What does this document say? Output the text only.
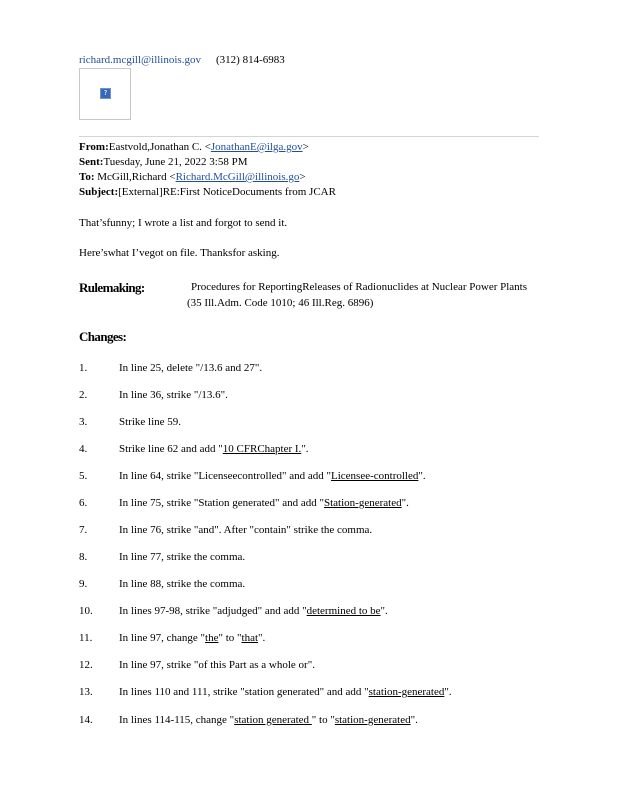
richard.mcgill@illinois.gov (312) 814-6983
?
From:Eastvold,Jonathan C. <JonathanE@ilga.gov>
Sent:Tuesday, June 21, 2022 3:58 PM
To: McGill,Richard <Richard.McGill@illinois.go>
Subject:[External]RE:First NoticeDocuments from JCAR
That’sfunny; I wrote a list and forgot to send it.
Here’swhat I’vegot on file. Thanksfor asking.
Rulemaking:	Procedures for ReportingReleases of Radionuclides at Nuclear Power Plants
(35 Ill.Adm. Code 1010; 46 Ill.Reg. 6896)
Changes:
1.	In line 25, delete "/13.6 and 27".
2.	In line 36, strike "/13.6".
3.	Strike line 59.
4.	Strike line 62 and add "10 CFRChapter I.".
5.	In line 64, strike "Licenseecontrolled" and add "Licensee-controlled".
6.	In line 75, strike "Station generated" and add "Station-generated".
7.	In line 76, strike "and". After "contain" strike the comma.
8.	In line 77, strike the comma.
9.	In line 88, strike the comma.
10. In lines 97-98, strike "adjudged" and add "determined to be".
11. In line 97, change "the" to "that".
12. In line 97, strike "of this Part as a whole or".
13. In lines 110 and 111, strike "station generated" and add "station-generated".
14. In lines 114-115, change "station generated " to "station-generated".
